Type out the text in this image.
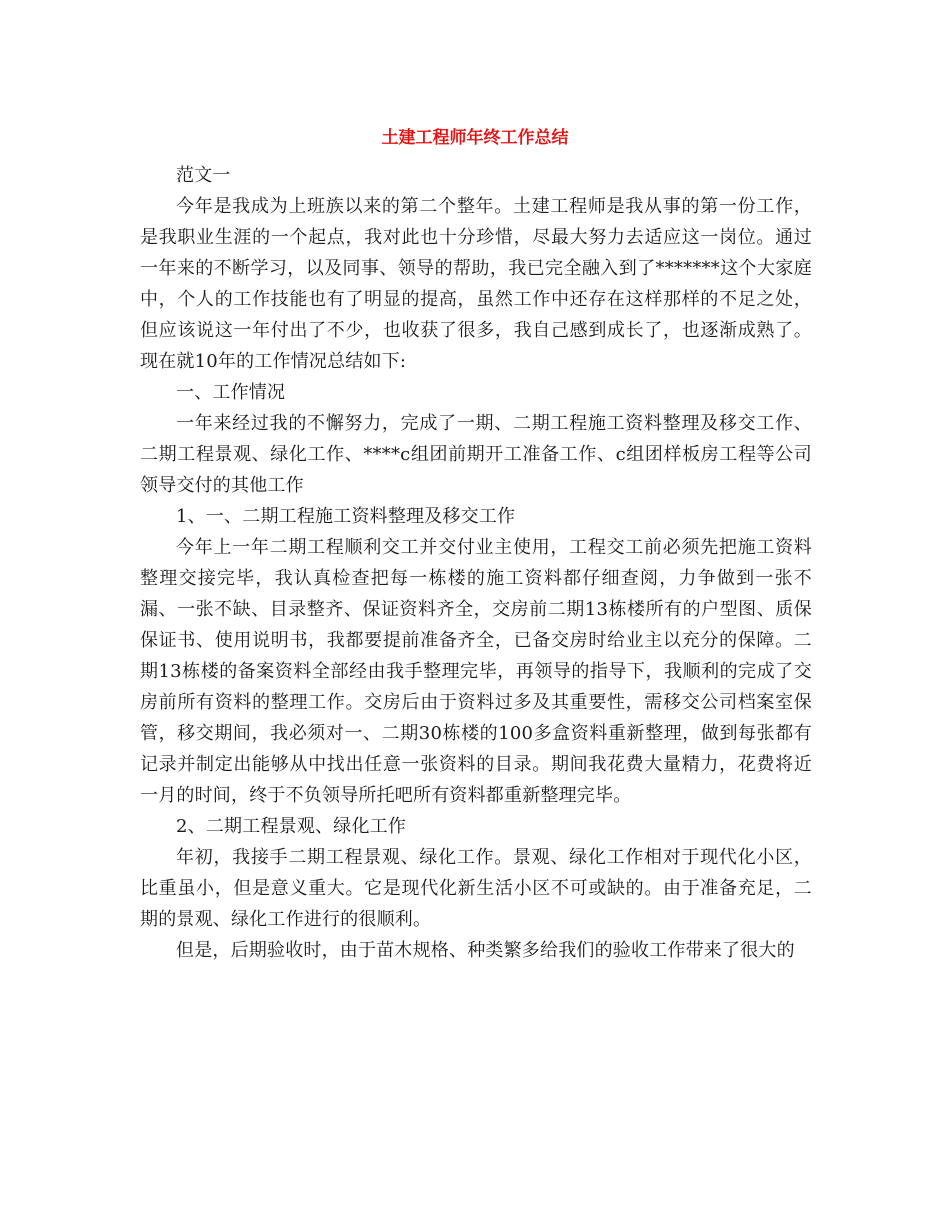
土建工程师年终工作总结

范文一

今年是我成为上班族以来的第二个整年。土建工程师是我从事的第一份工作，是我职业生涯的一个起点，我对此也十分珍惜，尽最大努力去适应这一岗位。通过一年来的不断学习，以及同事、领导的帮助，我已完全融入到了*******这个大家庭中，个人的工作技能也有了明显的提高，虽然工作中还存在这样那样的不足之处，但应该说这一年付出了不少，也收获了很多，我自己感到成长了，也逐渐成熟了。现在就10年的工作情况总结如下:

一、工作情况

一年来经过我的不懈努力，完成了一期、二期工程施工资料整理及移交工作、二期工程景观、绿化工作、****c组团前期开工准备工作、c组团样板房工程等公司领导交付的其他工作

1、一、二期工程施工资料整理及移交工作

今年上一年二期工程顺利交工并交付业主使用，工程交工前必须先把施工资料整理交接完毕，我认真检查把每一栋楼的施工资料都仔细查阅，力争做到一张不漏、一张不缺、目录整齐、保证资料齐全，交房前二期13栋楼所有的户型图、质保保证书、使用说明书，我都要提前准备齐全，已备交房时给业主以充分的保障。二期13栋楼的备案资料全部经由我手整理完毕，再领导的指导下，我顺利的完成了交房前所有资料的整理工作。交房后由于资料过多及其重要性，需移交公司档案室保管，移交期间，我必须对一、二期30栋楼的100多盒资料重新整理，做到每张都有记录并制定出能够从中找出任意一张资料的目录。期间我花费大量精力，花费将近一月的时间，终于不负领导所托吧所有资料都重新整理完毕。

2、二期工程景观、绿化工作

年初，我接手二期工程景观、绿化工作。景观、绿化工作相对于现代化小区，比重虽小，但是意义重大。它是现代化新生活小区不可或缺的。由于准备充足，二期的景观、绿化工作进行的很顺利。

但是，后期验收时，由于苗木规格、种类繁多给我们的验收工作带来了很大的
